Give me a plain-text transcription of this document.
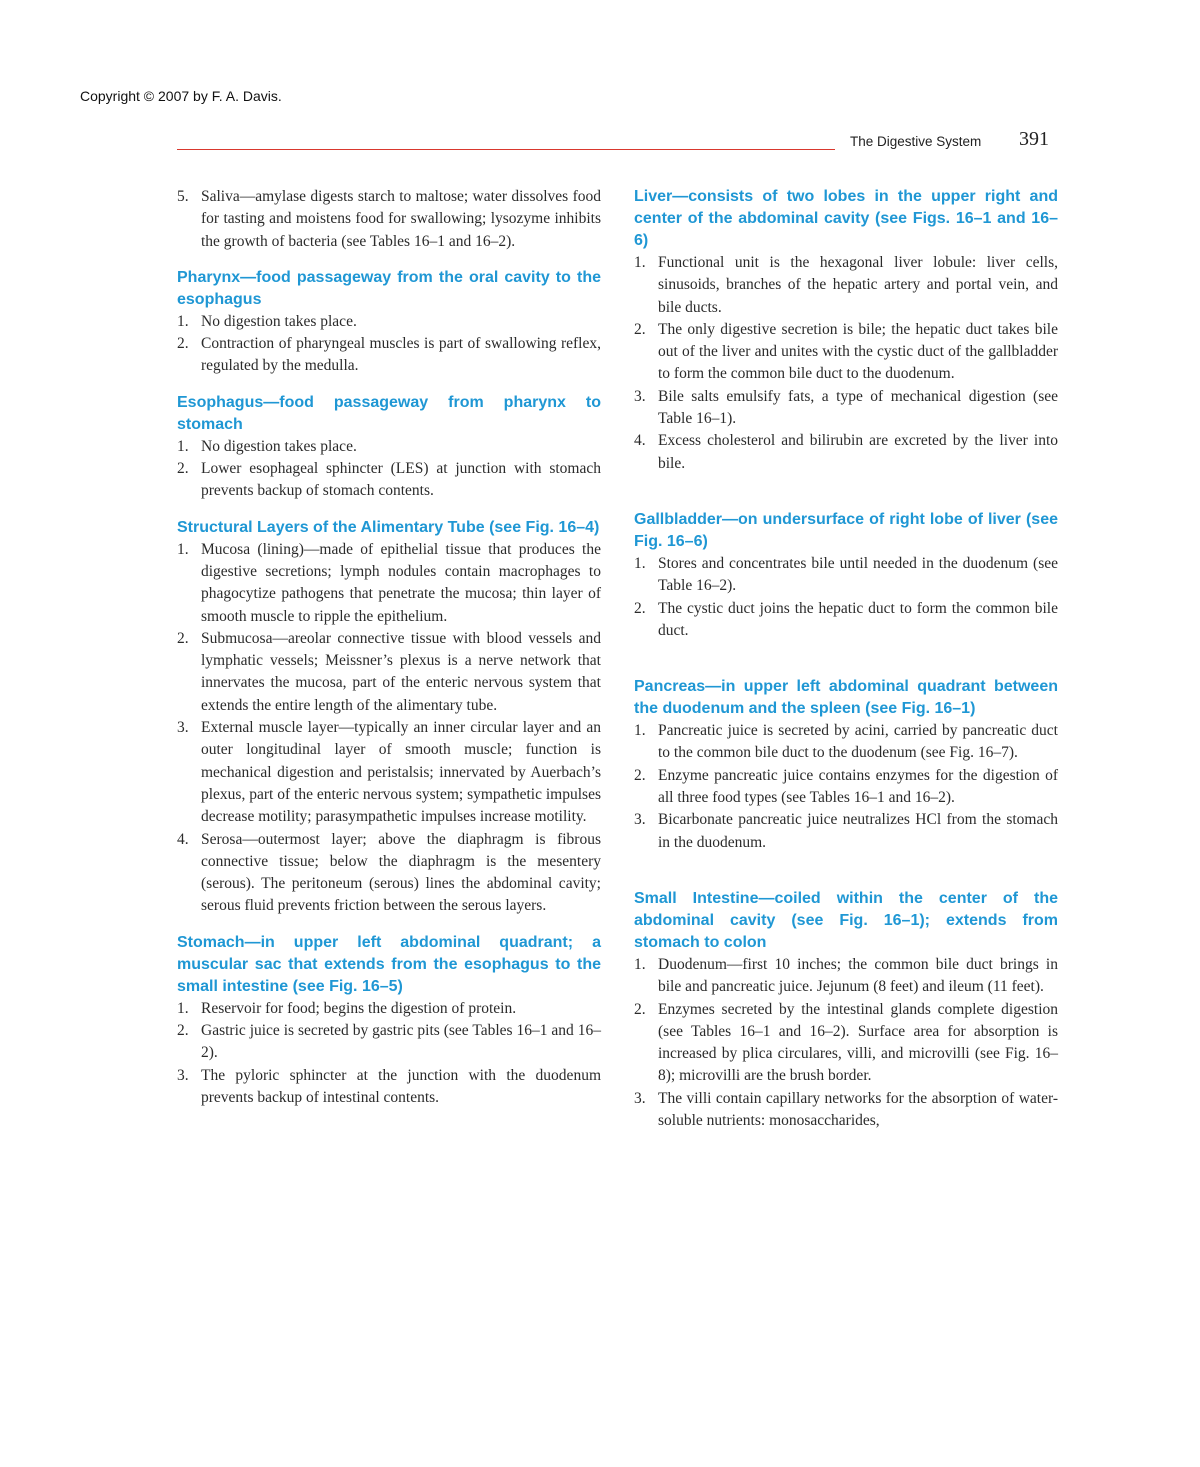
Copyright © 2007 by F. A. Davis.
The Digestive System 391
5. Saliva—amylase digests starch to maltose; water dissolves food for tasting and moistens food for swallowing; lysozyme inhibits the growth of bacteria (see Tables 16–1 and 16–2).
Pharynx—food passageway from the oral cavity to the esophagus
1. No digestion takes place.
2. Contraction of pharyngeal muscles is part of swallowing reflex, regulated by the medulla.
Esophagus—food passageway from pharynx to stomach
1. No digestion takes place.
2. Lower esophageal sphincter (LES) at junction with stomach prevents backup of stomach contents.
Structural Layers of the Alimentary Tube (see Fig. 16–4)
1. Mucosa (lining)—made of epithelial tissue that produces the digestive secretions; lymph nodules contain macrophages to phagocytize pathogens that penetrate the mucosa; thin layer of smooth muscle to ripple the epithelium.
2. Submucosa—areolar connective tissue with blood vessels and lymphatic vessels; Meissner’s plexus is a nerve network that innervates the mucosa, part of the enteric nervous system that extends the entire length of the alimentary tube.
3. External muscle layer—typically an inner circular layer and an outer longitudinal layer of smooth muscle; function is mechanical digestion and peristalsis; innervated by Auerbach’s plexus, part of the enteric nervous system; sympathetic impulses decrease motility; parasympathetic impulses increase motility.
4. Serosa—outermost layer; above the diaphragm is fibrous connective tissue; below the diaphragm is the mesentery (serous). The peritoneum (serous) lines the abdominal cavity; serous fluid prevents friction between the serous layers.
Stomach—in upper left abdominal quadrant; a muscular sac that extends from the esophagus to the small intestine (see Fig. 16–5)
1. Reservoir for food; begins the digestion of protein.
2. Gastric juice is secreted by gastric pits (see Tables 16–1 and 16–2).
3. The pyloric sphincter at the junction with the duodenum prevents backup of intestinal contents.
Liver—consists of two lobes in the upper right and center of the abdominal cavity (see Figs. 16–1 and 16–6)
1. Functional unit is the hexagonal liver lobule: liver cells, sinusoids, branches of the hepatic artery and portal vein, and bile ducts.
2. The only digestive secretion is bile; the hepatic duct takes bile out of the liver and unites with the cystic duct of the gallbladder to form the common bile duct to the duodenum.
3. Bile salts emulsify fats, a type of mechanical digestion (see Table 16–1).
4. Excess cholesterol and bilirubin are excreted by the liver into bile.
Gallbladder—on undersurface of right lobe of liver (see Fig. 16–6)
1. Stores and concentrates bile until needed in the duodenum (see Table 16–2).
2. The cystic duct joins the hepatic duct to form the common bile duct.
Pancreas—in upper left abdominal quadrant between the duodenum and the spleen (see Fig. 16–1)
1. Pancreatic juice is secreted by acini, carried by pancreatic duct to the common bile duct to the duodenum (see Fig. 16–7).
2. Enzyme pancreatic juice contains enzymes for the digestion of all three food types (see Tables 16–1 and 16–2).
3. Bicarbonate pancreatic juice neutralizes HCl from the stomach in the duodenum.
Small Intestine—coiled within the center of the abdominal cavity (see Fig. 16–1); extends from stomach to colon
1. Duodenum—first 10 inches; the common bile duct brings in bile and pancreatic juice. Jejunum (8 feet) and ileum (11 feet).
2. Enzymes secreted by the intestinal glands complete digestion (see Tables 16–1 and 16–2). Surface area for absorption is increased by plica circulares, villi, and microvilli (see Fig. 16–8); microvilli are the brush border.
3. The villi contain capillary networks for the absorption of water-soluble nutrients: monosaccharides,
